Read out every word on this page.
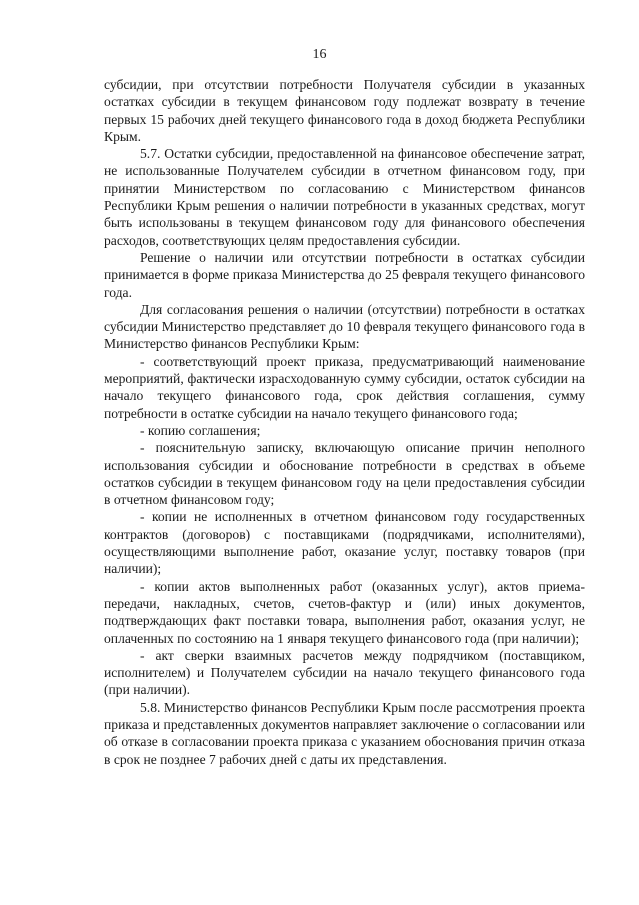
16

субсидии, при отсутствии потребности Получателя субсидии в указанных остатках субсидии в текущем финансовом году подлежат возврату в течение первых 15 рабочих дней текущего финансового года в доход бюджета Республики Крым.

5.7. Остатки субсидии, предоставленной на финансовое обеспечение затрат, не использованные Получателем субсидии в отчетном финансовом году, при принятии Министерством по согласованию с Министерством финансов Республики Крым решения о наличии потребности в указанных средствах, могут быть использованы в текущем финансовом году для финансового обеспечения расходов, соответствующих целям предоставления субсидии.

Решение о наличии или отсутствии потребности в остатках субсидии принимается в форме приказа Министерства до 25 февраля текущего финансового года.

Для согласования решения о наличии (отсутствии) потребности в остатках субсидии Министерство представляет до 10 февраля текущего финансового года в Министерство финансов Республики Крым:

- соответствующий проект приказа, предусматривающий наименование мероприятий, фактически израсходованную сумму субсидии, остаток субсидии на начало текущего финансового года, срок действия соглашения, сумму потребности в остатке субсидии на начало текущего финансового года;

- копию соглашения;

- пояснительную записку, включающую описание причин неполного использования субсидии и обоснование потребности в средствах в объеме остатков субсидии в текущем финансовом году на цели предоставления субсидии в отчетном финансовом году;

- копии не исполненных в отчетном финансовом году государственных контрактов (договоров) с поставщиками (подрядчиками, исполнителями), осуществляющими выполнение работ, оказание услуг, поставку товаров (при наличии);

- копии актов выполненных работ (оказанных услуг), актов приема-передачи, накладных, счетов, счетов-фактур и (или) иных документов, подтверждающих факт поставки товара, выполнения работ, оказания услуг, не оплаченных по состоянию на 1 января текущего финансового года (при наличии);

- акт сверки взаимных расчетов между подрядчиком (поставщиком, исполнителем) и Получателем субсидии на начало текущего финансового года (при наличии).

5.8. Министерство финансов Республики Крым после рассмотрения проекта приказа и представленных документов направляет заключение о согласовании или об отказе в согласовании проекта приказа с указанием обоснования причин отказа в срок не позднее 7 рабочих дней с даты их представления.
